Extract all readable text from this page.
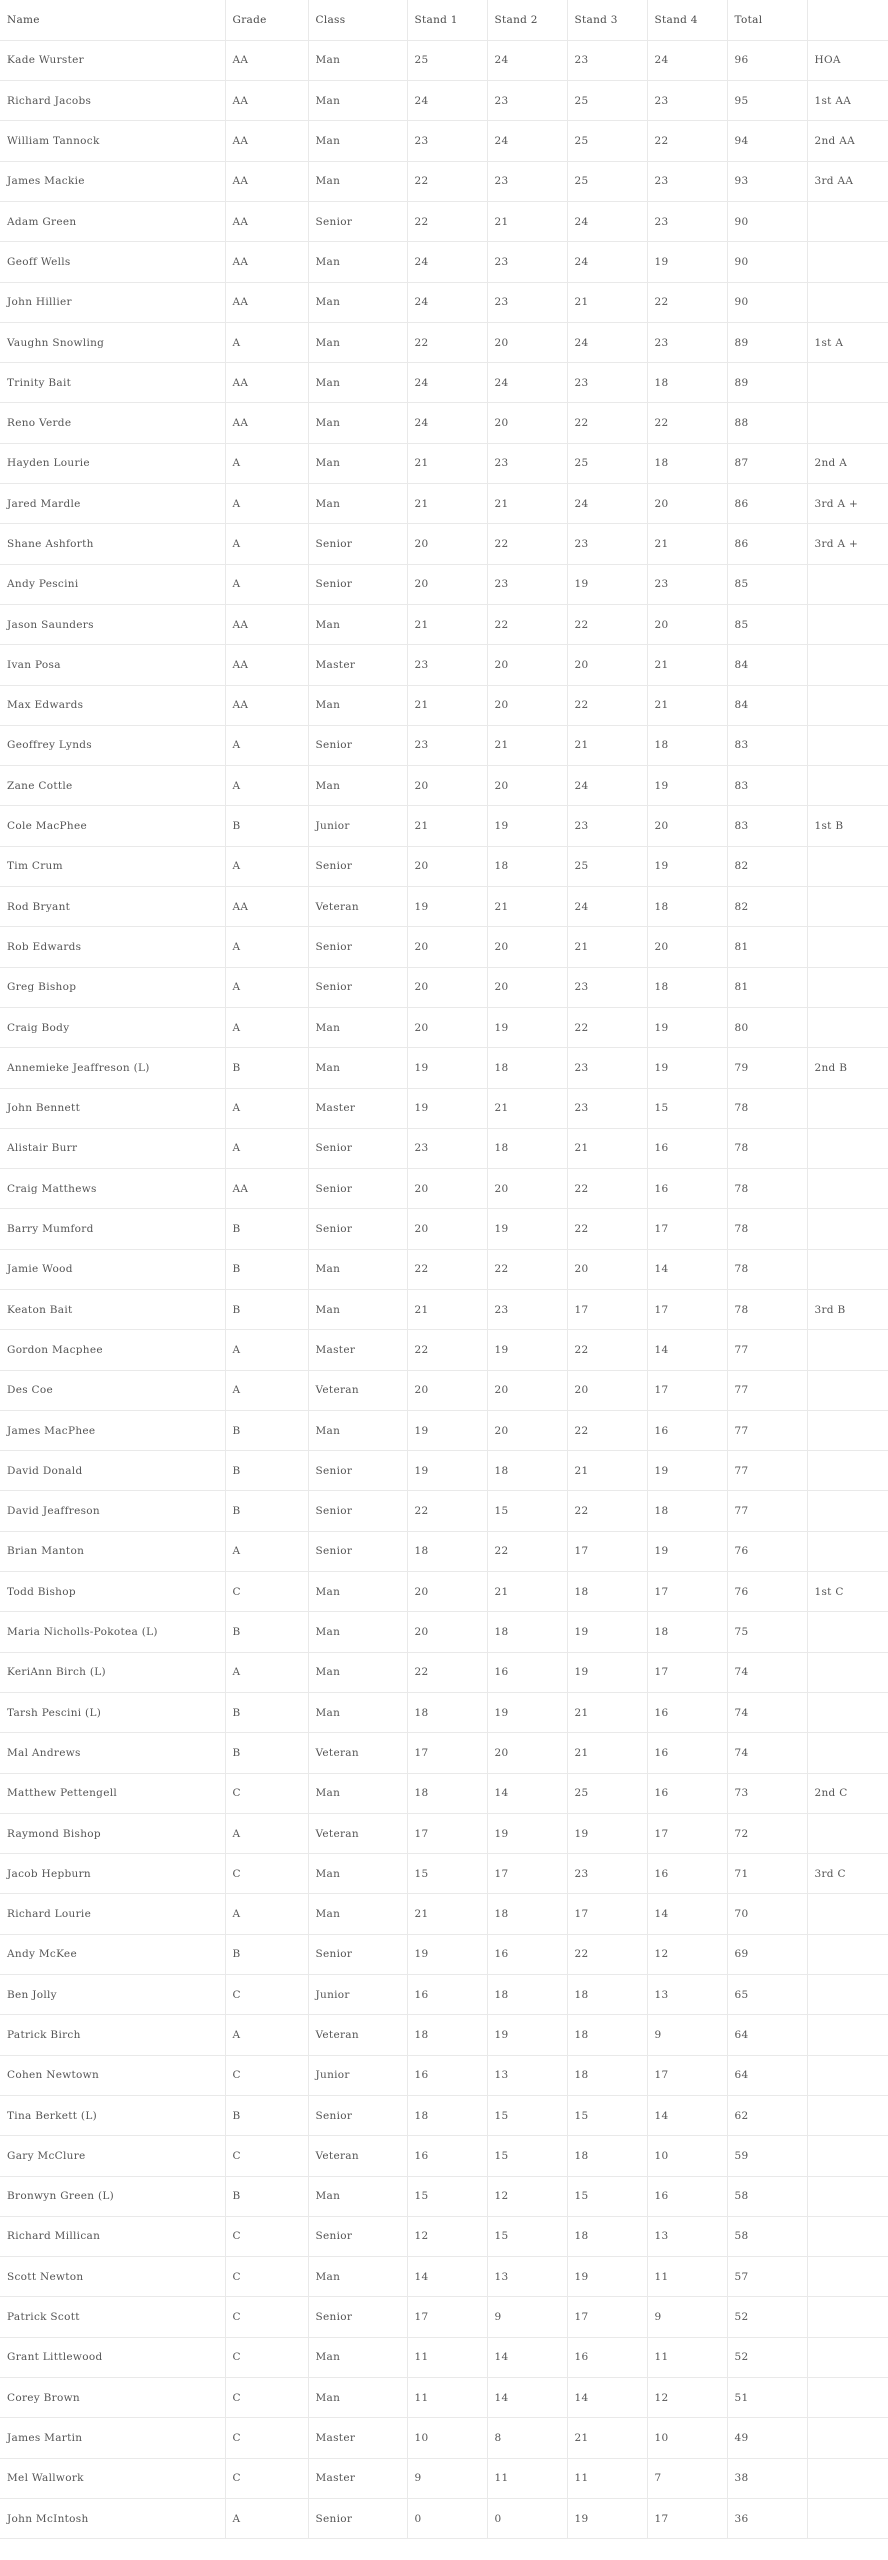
Name	Grade	Class	Stand 1	Stand 2	Stand 3	Stand 4	Total	
Kade Wurster	AA	Man	25	24	23	24	96	HOA
Richard Jacobs	AA	Man	24	23	25	23	95	1st AA
William Tannock	AA	Man	23	24	25	22	94	2nd AA
James Mackie	AA	Man	22	23	25	23	93	3rd AA
Adam Green	AA	Senior	22	21	24	23	90	
Geoff Wells	AA	Man	24	23	24	19	90	
John Hillier	AA	Man	24	23	21	22	90	
Vaughn Snowling	A	Man	22	20	24	23	89	1st A
Trinity Bait	AA	Man	24	24	23	18	89	
Reno Verde	AA	Man	24	20	22	22	88	
Hayden Lourie	A	Man	21	23	25	18	87	2nd A
Jared Mardle	A	Man	21	21	24	20	86	3rd A +
Shane Ashforth	A	Senior	20	22	23	21	86	3rd A +
Andy Pescini	A	Senior	20	23	19	23	85	
Jason Saunders	AA	Man	21	22	22	20	85	
Ivan Posa	AA	Master	23	20	20	21	84	
Max Edwards	AA	Man	21	20	22	21	84	
Geoffrey Lynds	A	Senior	23	21	21	18	83	
Zane Cottle	A	Man	20	20	24	19	83	
Cole MacPhee	B	Junior	21	19	23	20	83	1st B
Tim Crum	A	Senior	20	18	25	19	82	
Rod Bryant	AA	Veteran	19	21	24	18	82	
Rob Edwards	A	Senior	20	20	21	20	81	
Greg Bishop	A	Senior	20	20	23	18	81	
Craig Body	A	Man	20	19	22	19	80	
Annemieke Jeaffreson (L)	B	Man	19	18	23	19	79	2nd B
John Bennett	A	Master	19	21	23	15	78	
Alistair Burr	A	Senior	23	18	21	16	78	
Craig Matthews	AA	Senior	20	20	22	16	78	
Barry Mumford	B	Senior	20	19	22	17	78	
Jamie Wood	B	Man	22	22	20	14	78	
Keaton Bait	B	Man	21	23	17	17	78	3rd B
Gordon Macphee	A	Master	22	19	22	14	77	
Des Coe	A	Veteran	20	20	20	17	77	
James MacPhee	B	Man	19	20	22	16	77	
David Donald	B	Senior	19	18	21	19	77	
David Jeaffreson	B	Senior	22	15	22	18	77	
Brian Manton	A	Senior	18	22	17	19	76	
Todd Bishop	C	Man	20	21	18	17	76	1st C
Maria Nicholls-Pokotea (L)	B	Man	20	18	19	18	75	
KeriAnn Birch (L)	A	Man	22	16	19	17	74	
Tarsh Pescini (L)	B	Man	18	19	21	16	74	
Mal Andrews	B	Veteran	17	20	21	16	74	
Matthew Pettengell	C	Man	18	14	25	16	73	2nd C
Raymond Bishop	A	Veteran	17	19	19	17	72	
Jacob Hepburn	C	Man	15	17	23	16	71	3rd C
Richard Lourie	A	Man	21	18	17	14	70	
Andy McKee	B	Senior	19	16	22	12	69	
Ben Jolly	C	Junior	16	18	18	13	65	
Patrick Birch	A	Veteran	18	19	18	9	64	
Cohen Newtown	C	Junior	16	13	18	17	64	
Tina Berkett (L)	B	Senior	18	15	15	14	62	
Gary McClure	C	Veteran	16	15	18	10	59	
Bronwyn Green (L)	B	Man	15	12	15	16	58	
Richard Millican	C	Senior	12	15	18	13	58	
Scott Newton	C	Man	14	13	19	11	57	
Patrick Scott	C	Senior	17	9	17	9	52	
Grant Littlewood	C	Man	11	14	16	11	52	
Corey Brown	C	Man	11	14	14	12	51	
James Martin	C	Master	10	8	21	10	49	
Mel Wallwork	C	Master	9	11	11	7	38	
John McIntosh	A	Senior	0	0	19	17	36	
